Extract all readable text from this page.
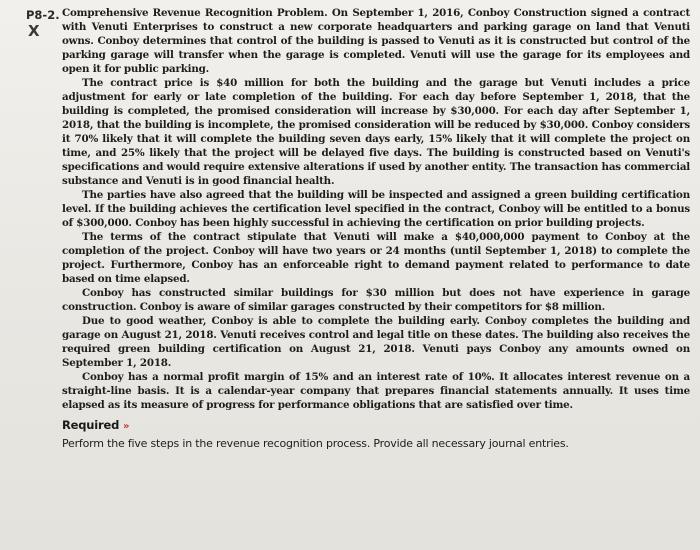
P8-2.
X

Comprehensive Revenue Recognition Problem. On September 1, 2016, Conboy Construction signed a contract with Venuti Enterprises to construct a new corporate headquarters and parking garage on land that Venuti owns. Conboy determines that control of the building is passed to Venuti as it is constructed but control of the parking garage will transfer when the garage is completed. Venuti will use the garage for its employees and open it for public parking.

The contract price is $40 million for both the building and the garage but Venuti includes a price adjustment for early or late completion of the building. For each day before September 1, 2018, that the building is completed, the promised consideration will increase by $30,000. For each day after September 1, 2018, that the building is incomplete, the promised consideration will be reduced by $30,000. Conboy considers it 70% likely that it will complete the building seven days early, 15% likely that it will complete the project on time, and 25% likely that the project will be delayed five days. The building is constructed based on Venuti's specifications and would require extensive alterations if used by another entity. The transaction has commercial substance and Venuti is in good financial health.

The parties have also agreed that the building will be inspected and assigned a green building certification level. If the building achieves the certification level specified in the contract, Conboy will be entitled to a bonus of $300,000. Conboy has been highly successful in achieving the certification on prior building projects.

The terms of the contract stipulate that Venuti will make a $40,000,000 payment to Conboy at the completion of the project. Conboy will have two years or 24 months (until September 1, 2018) to complete the project. Furthermore, Conboy has an enforceable right to demand payment related to performance to date based on time elapsed.

Conboy has constructed similar buildings for $30 million but does not have experience in garage construction. Conboy is aware of similar garages constructed by their competitors for $8 million.

Due to good weather, Conboy is able to complete the building early. Conboy completes the building and garage on August 21, 2018. Venuti receives control and legal title on these dates. The building also receives the required green building certification on August 21, 2018. Venuti pays Conboy any amounts owned on September 1, 2018.

Conboy has a normal profit margin of 15% and an interest rate of 10%. It allocates interest revenue on a straight-line basis. It is a calendar-year company that prepares financial statements annually. It uses time elapsed as its measure of progress for performance obligations that are satisfied over time.

Required »
Perform the five steps in the revenue recognition process. Provide all necessary journal entries.
